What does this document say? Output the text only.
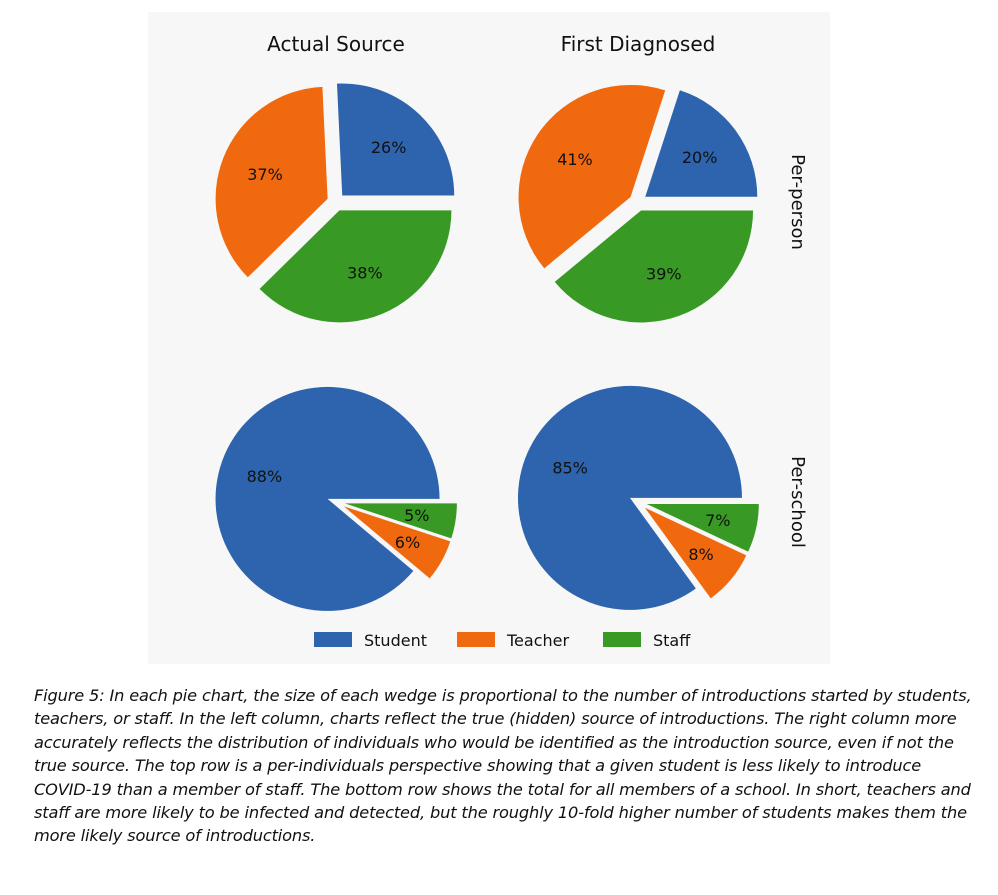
Actual Source	First Diagnosed
Per-person
Per-school
26%
37%
38%
20%
41%
39%
88%
6%
5%
85%
8%
7%
Student	Teacher	Staff
Figure 5: In each pie chart, the size of each wedge is proportional to the number of introductions started by students, teachers, or staff. In the left column, charts reflect the true (hidden) source of introductions. The right column more accurately reflects the distribution of individuals who would be identified as the introduction source, even if not the true source. The top row is a per-individuals perspective showing that a given student is less likely to introduce COVID-19 than a member of staff. The bottom row shows the total for all members of a school. In short, teachers and staff are more likely to be infected and detected, but the roughly 10-fold higher number of students makes them the more likely source of introductions.
